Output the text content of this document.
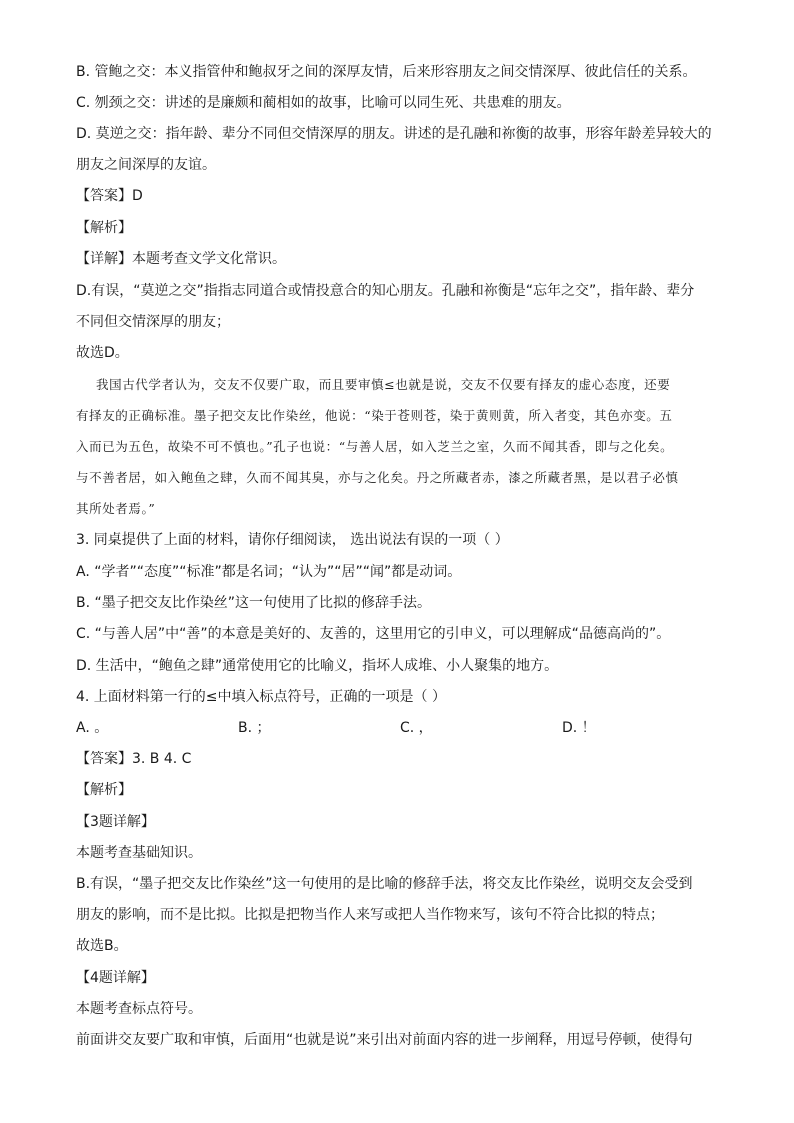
B. 管鲍之交：本义指管仲和鲍叔牙之间的深厚友情，后来形容朋友之间交情深厚、彼此信任的关系。
C. 刎颈之交：讲述的是廉颇和蔺相如的故事，比喻可以同生死、共患难的朋友。
D. 莫逆之交：指年龄、辈分不同但交情深厚的朋友。讲述的是孔融和祢衡的故事，形容年龄差异较大的
朋友之间深厚的友谊。
【答案】D
【解析】
【详解】本题考查文学文化常识。
D.有误，“莫逆之交”指指志同道合或情投意合的知心朋友。孔融和祢衡是“忘年之交”，指年龄、辈分
不同但交情深厚的朋友；
故选D。
我国古代学者认为，交友不仅要广取，而且要审慎≤也就是说，交友不仅要有择友的虚心态度，还要
有择友的正确标准。墨子把交友比作染丝，他说：“染于苍则苍，染于黄则黄，所入者变，其色亦变。五
入而已为五色，故染不可不慎也。”孔子也说：“与善人居，如入芝兰之室，久而不闻其香，即与之化矣。
与不善者居，如入鲍鱼之肆，久而不闻其臭，亦与之化矣。丹之所藏者赤，漆之所藏者黑，是以君子必慎
其所处者焉。”
3. 同桌提供了上面的材料，请你仔细阅读， 选出说法有误的一项（ ）
A. “学者”“态度”“标准”都是名词；“认为”“居”“闻”都是动词。
B. “墨子把交友比作染丝”这一句使用了比拟的修辞手法。
C. “与善人居”中“善”的本意是美好的、友善的，这里用它的引申义，可以理解成“品德高尚的”。
D. 生活中，“鲍鱼之肆”通常使用它的比喻义，指坏人成堆、小人聚集的地方。
4. 上面材料第一行的≤中填入标点符号，正确的一项是（ ）
A. 。	B. ；	C. ，	D. ！
【答案】3. B 4. C
【解析】
【3题详解】
本题考查基础知识。
B.有误，“墨子把交友比作染丝”这一句使用的是比喻的修辞手法，将交友比作染丝，说明交友会受到
朋友的影响，而不是比拟。比拟是把物当作人来写或把人当作物来写，该句不符合比拟的特点；
故选B。
【4题详解】
本题考查标点符号。
前面讲交友要广取和审慎，后面用“也就是说”来引出对前面内容的进一步阐释，用逗号停顿，使得句
